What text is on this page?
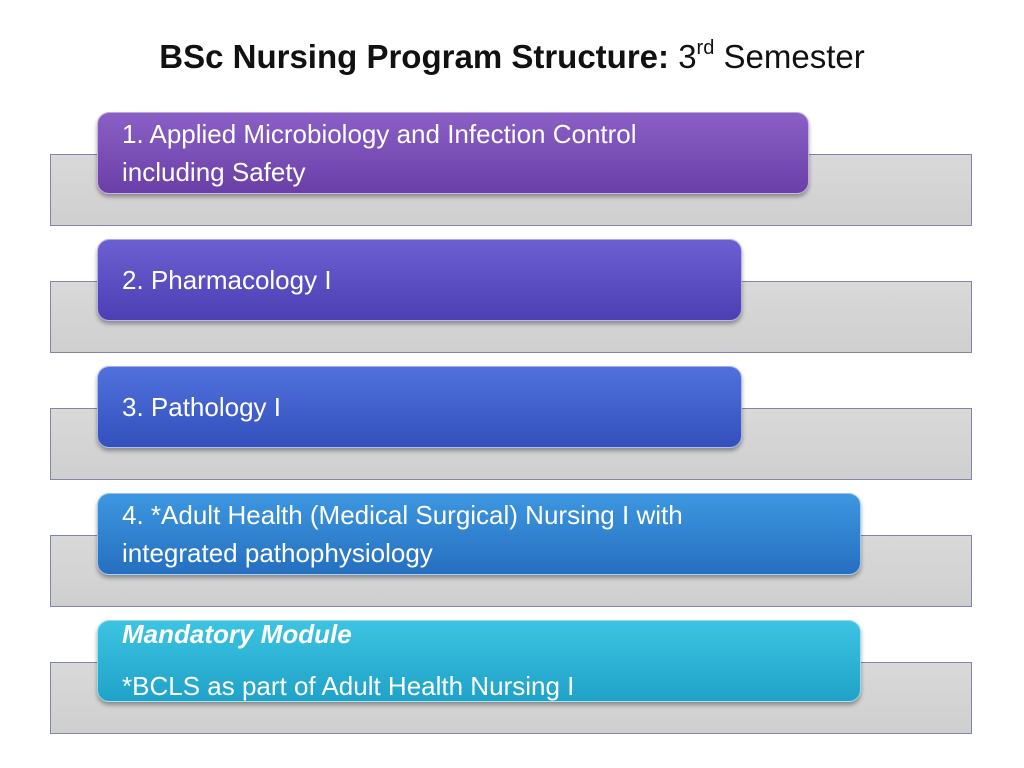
BSc Nursing Program Structure: 3rd Semester
1. Applied Microbiology and Infection Control
including Safety
2. Pharmacology I
3. Pathology I
4. *Adult Health (Medical Surgical) Nursing I with
integrated pathophysiology
Mandatory Module
*BCLS as part of Adult Health Nursing I
